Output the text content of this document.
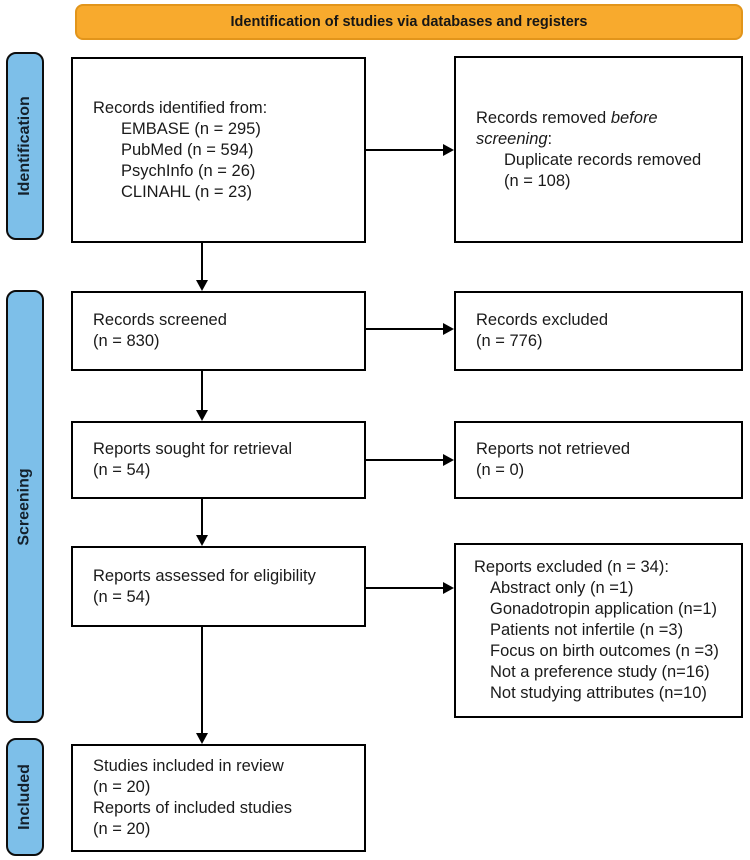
Identification of studies via databases and registers
Identification
Screening
Included
Records identified from:
EMBASE (n = 295)
PubMed (n = 594)
PsychInfo (n = 26)
CLINAHL (n = 23)
Records removed before
screening:
Duplicate records removed
(n = 108)
Records screened
(n = 830)
Records excluded
(n = 776)
Reports sought for retrieval
(n = 54)
Reports not retrieved
(n = 0)
Reports assessed for eligibility
(n = 54)
Reports excluded (n = 34):
Abstract only (n =1)
Gonadotropin application (n=1)
Patients not infertile (n =3)
Focus on birth outcomes (n =3)
Not a preference study (n=16)
Not studying attributes (n=10)
Studies included in review
(n = 20)
Reports of included studies
(n = 20)
